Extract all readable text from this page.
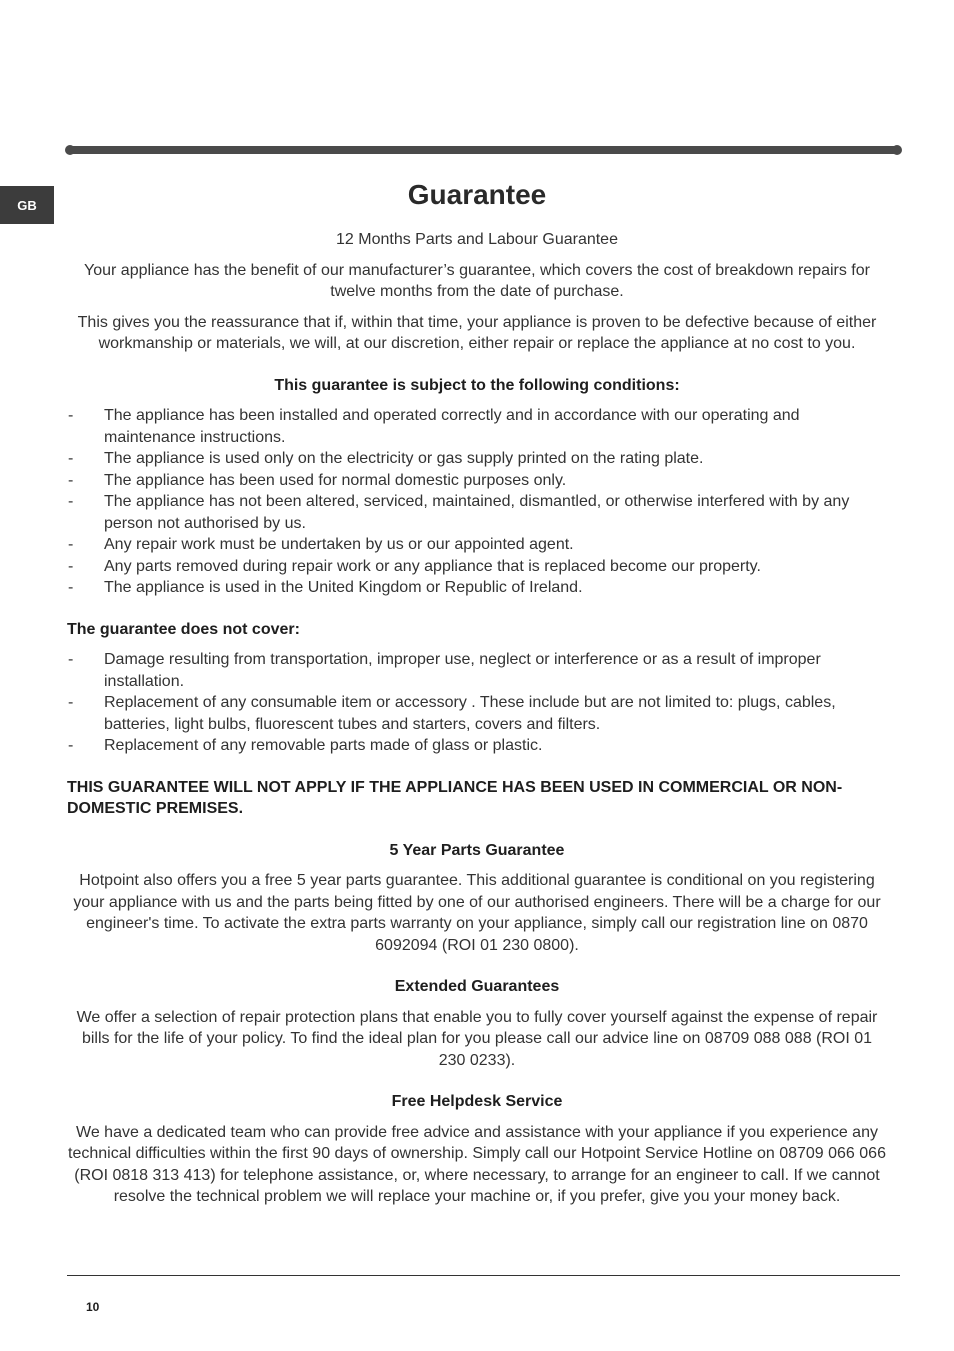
GB	Guarantee

12 Months Parts and Labour Guarantee

Your appliance has the benefit of our manufacturer’s guarantee, which covers the cost of breakdown repairs for twelve months from the date of purchase.

This gives you the reassurance that if, within that time, your appliance is proven to be defective because of either workmanship or materials, we will, at our discretion, either repair or replace the appliance at no cost to you.

This guarantee is subject to the following conditions:

- The appliance has been installed and operated correctly and in accordance with our operating and maintenance instructions.
- The appliance is used only on the electricity or gas supply printed on the rating plate.
- The appliance has been used for normal domestic purposes only.
- The appliance has not been altered, serviced, maintained, dismantled, or otherwise interfered with by any person not authorised by us.
- Any repair work must be undertaken by us or our appointed agent.
- Any parts removed during repair work or any appliance that is replaced become our property.
- The appliance is used in the United Kingdom or Republic of Ireland.

The guarantee does not cover:

- Damage resulting from transportation, improper use, neglect or interference or as a result of improper installation.
- Replacement of any consumable item or accessory . These include but are not limited to: plugs, cables, batteries, light bulbs, fluorescent tubes and starters, covers and filters.
- Replacement of any removable parts made of glass or plastic.

THIS GUARANTEE WILL NOT APPLY IF THE APPLIANCE HAS BEEN USED IN COMMERCIAL OR NON-DOMESTIC PREMISES.

5 Year Parts Guarantee

Hotpoint also offers you a free 5 year parts guarantee. This additional guarantee is conditional on you registering your appliance with us and the parts being fitted by one of our authorised engineers. There will be a charge for our engineer's time. To activate the extra parts warranty on your appliance, simply call our registration line on 0870 6092094 (ROI 01 230 0800).

Extended Guarantees

We offer a selection of repair protection plans that enable you to fully cover yourself against the expense of repair bills for the life of your policy. To find the ideal plan for you please call our advice line on 08709 088 088 (ROI 01 230 0233).

Free Helpdesk Service

We have a dedicated team who can provide free advice and assistance with your appliance if you experience any technical difficulties within the first 90 days of ownership. Simply call our Hotpoint Service Hotline on 08709 066 066 (ROI 0818 313 413) for telephone assistance, or, where necessary, to arrange for an engineer to call. If we cannot resolve the technical problem we will replace your machine or, if you prefer, give you your money back.

10
